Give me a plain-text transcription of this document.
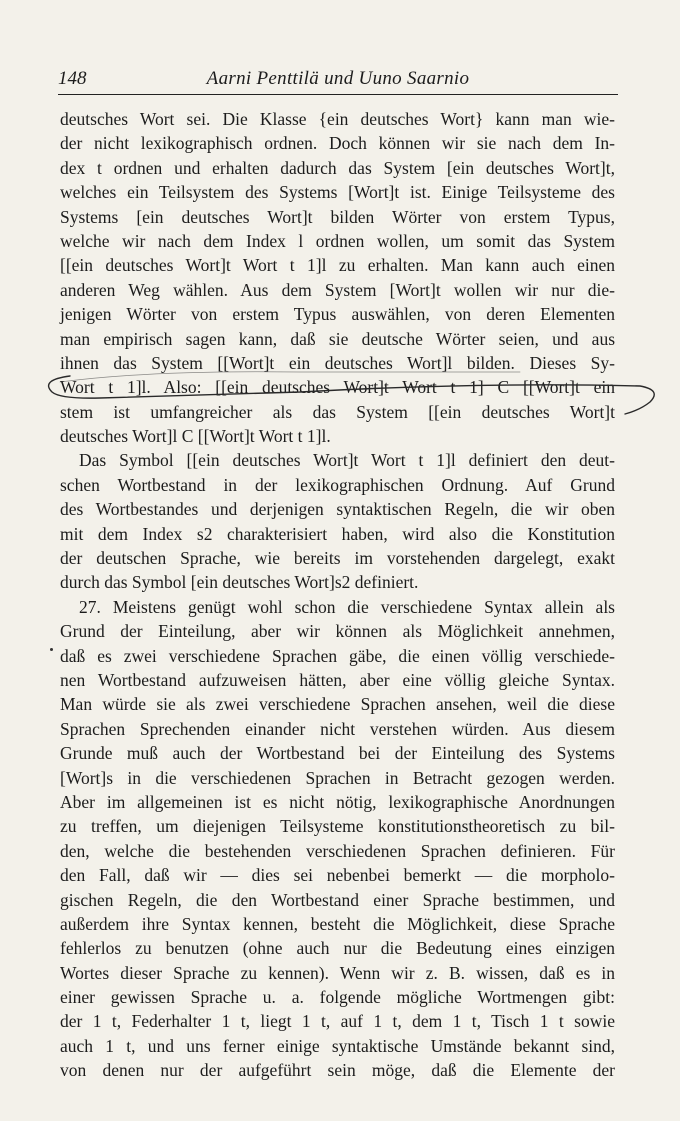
148	Aarni Penttilä und Uuno Saarnio
deutsches Wort sei. Die Klasse {ein deutsches Wort} kann man wie-
der nicht lexikographisch ordnen. Doch können wir sie nach dem In-
dex t ordnen und erhalten dadurch das System [ein deutsches Wort]t,
welches ein Teilsystem des Systems [Wort]t ist. Einige Teilsysteme des
Systems [ein deutsches Wort]t bilden Wörter von erstem Typus,
welche wir nach dem Index l ordnen wollen, um somit das System
[[ein deutsches Wort]t Wort t 1]l zu erhalten. Man kann auch einen
anderen Weg wählen. Aus dem System [Wort]t wollen wir nur die-
jenigen Wörter von erstem Typus auswählen, von deren Elementen
man empirisch sagen kann, daß sie deutsche Wörter seien, und aus
ihnen das System [[Wort]t ein deutsches Wort]l bilden. Dieses Sy-
Wort t 1]l. Also: [[ein deutsches Wort]t Wort t 1] C [[Wort]t ein
stem ist umfangreicher als das System [[ein deutsches Wort]t
deutsches Wort]l C [[Wort]t Wort t 1]l.
Das Symbol [[ein deutsches Wort]t Wort t 1]l definiert den deut-
schen Wortbestand in der lexikographischen Ordnung. Auf Grund
des Wortbestandes und derjenigen syntaktischen Regeln, die wir oben
mit dem Index s2 charakterisiert haben, wird also die Konstitution
der deutschen Sprache, wie bereits im vorstehenden dargelegt, exakt
durch das Symbol [ein deutsches Wort]s2 definiert.
27. Meistens genügt wohl schon die verschiedene Syntax allein als
Grund der Einteilung, aber wir können als Möglichkeit annehmen,
daß es zwei verschiedene Sprachen gäbe, die einen völlig verschiede-
nen Wortbestand aufzuweisen hätten, aber eine völlig gleiche Syntax.
Man würde sie als zwei verschiedene Sprachen ansehen, weil die diese
Sprachen Sprechenden einander nicht verstehen würden. Aus diesem
Grunde muß auch der Wortbestand bei der Einteilung des Systems
[Wort]s in die verschiedenen Sprachen in Betracht gezogen werden.
Aber im allgemeinen ist es nicht nötig, lexikographische Anordnungen
zu treffen, um diejenigen Teilsysteme konstitutionstheoretisch zu bil-
den, welche die bestehenden verschiedenen Sprachen definieren. Für
den Fall, daß wir — dies sei nebenbei bemerkt — die morpholo-
gischen Regeln, die den Wortbestand einer Sprache bestimmen, und
außerdem ihre Syntax kennen, besteht die Möglichkeit, diese Sprache
fehlerlos zu benutzen (ohne auch nur die Bedeutung eines einzigen
Wortes dieser Sprache zu kennen). Wenn wir z. B. wissen, daß es in
einer gewissen Sprache u. a. folgende mögliche Wortmengen gibt:
der 1 t, Federhalter 1 t, liegt 1 t, auf 1 t, dem 1 t, Tisch 1 t sowie
auch 1 t, und uns ferner einige syntaktische Umstände bekannt sind,
von denen nur der aufgeführt sein möge, daß die Elemente der
